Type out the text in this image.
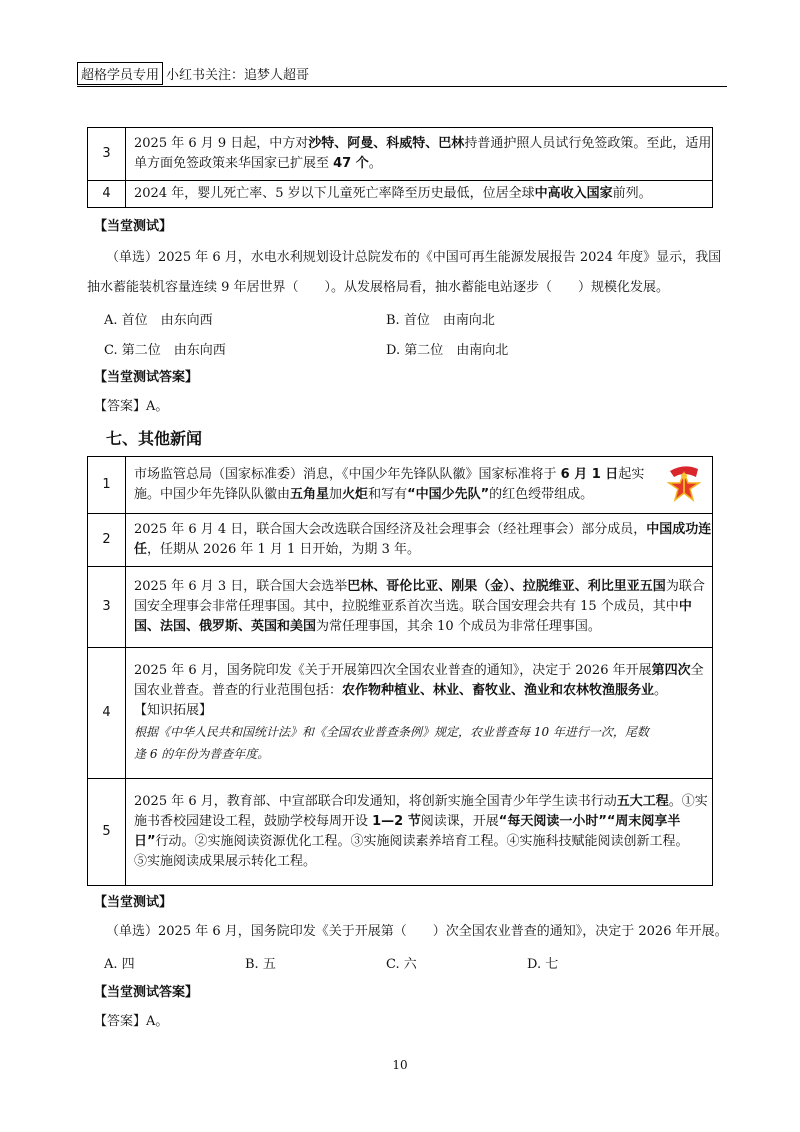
超格学员专用 小红书关注：追梦人超哥
3	2025 年 6 月 9 日起，中方对沙特、阿曼、科威特、巴林持普通护照人员试行免签政策。至此，适用
单方面免签政策来华国家已扩展至 47 个。

4	2024 年，婴儿死亡率、5 岁以下儿童死亡率降至历史最低，位居全球中高收入国家前列。
【当堂测试】
（单选）2025 年 6 月，水电水利规划设计总院发布的《中国可再生能源发展报告 2024 年度》显示，我国
抽水蓄能装机容量连续 9 年居世界（　　）。从发展格局看，抽水蓄能电站逐步（　　）规模化发展。
A. 首位　由东向西	B. 首位　由南向北
C. 第二位　由东向西	D. 第二位　由南向北
【当堂测试答案】
【答案】A。
七、其他新闻
1	市场监管总局（国家标准委）消息，《中国少年先锋队队徽》国家标准将于 6 月 1 日起实
施。中国少年先锋队队徽由五角星加火炬和写有“中国少先队”的红色绶带组成。

2	2025 年 6 月 4 日，联合国大会改选联合国经济及社会理事会（经社理事会）部分成员，中国成功连
任，任期从 2026 年 1 月 1 日开始，为期 3 年。

3	2025 年 6 月 3 日，联合国大会选举巴林、哥伦比亚、刚果（金）、拉脱维亚、利比里亚五国为联合
国安全理事会非常任理事国。其中，拉脱维亚系首次当选。联合国安理会共有 15 个成员，其中中
国、法国、俄罗斯、英国和美国为常任理事国，其余 10 个成员为非常任理事国。

4	2025 年 6 月，国务院印发《关于开展第四次全国农业普查的通知》，决定于 2026 年开展第四次全
国农业普查。普查的行业范围包括：农作物种植业、林业、畜牧业、渔业和农林牧渔服务业。
【知识拓展】
根据《中华人民共和国统计法》和《全国农业普查条例》规定，农业普查每 10 年进行一次，尾数
逢 6 的年份为普查年度。

5	2025 年 6 月，教育部、中宣部联合印发通知，将创新实施全国青少年学生读书行动五大工程。①实
施书香校园建设工程，鼓励学校每周开设 1—2 节阅读课，开展“每天阅读一小时”“周末阅享半
日”行动。②实施阅读资源优化工程。③实施阅读素养培育工程。④实施科技赋能阅读创新工程。
⑤实施阅读成果展示转化工程。
【当堂测试】
（单选）2025 年 6 月，国务院印发《关于开展第（　　）次全国农业普查的通知》，决定于 2026 年开展。
A. 四	B. 五	C. 六	D. 七
【当堂测试答案】
【答案】A。
10
